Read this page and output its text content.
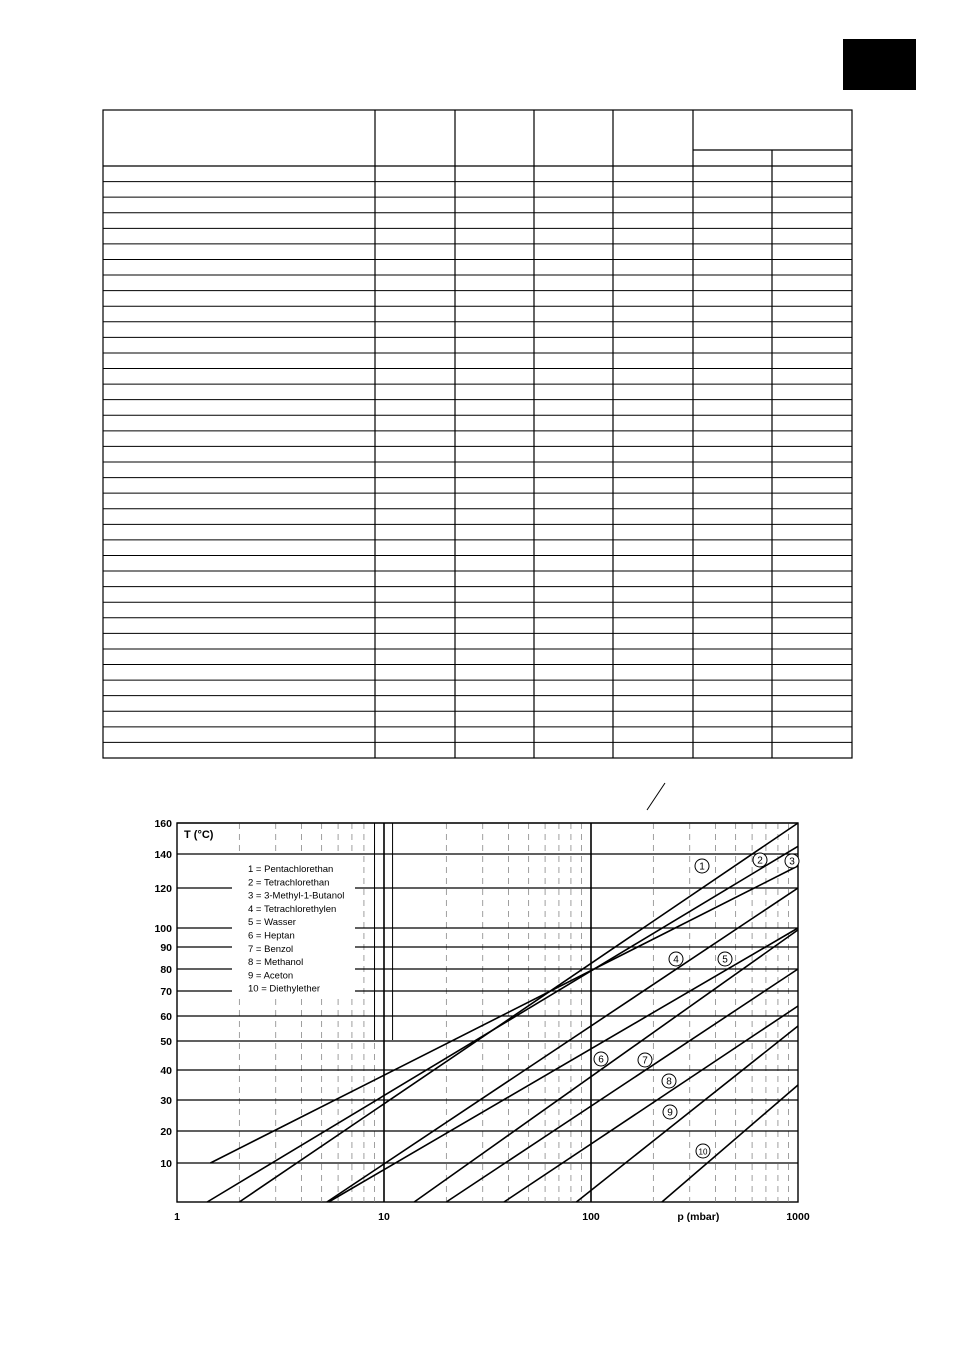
160
140
120
100
90
80
70
60
50
40
30
20
10
1	10	100	p (mbar)	1000
T (°C)
1 = Pentachlorethan
2 = Tetrachlorethan
3 = 3-Methyl-1-Butanol
4 = Tetrachlorethylen
5 = Wasser
6 = Heptan
7 = Benzol
8 = Methanol
9 = Aceton
10 = Diethylether
1
2	3
4	5
6	7
8
9
10
